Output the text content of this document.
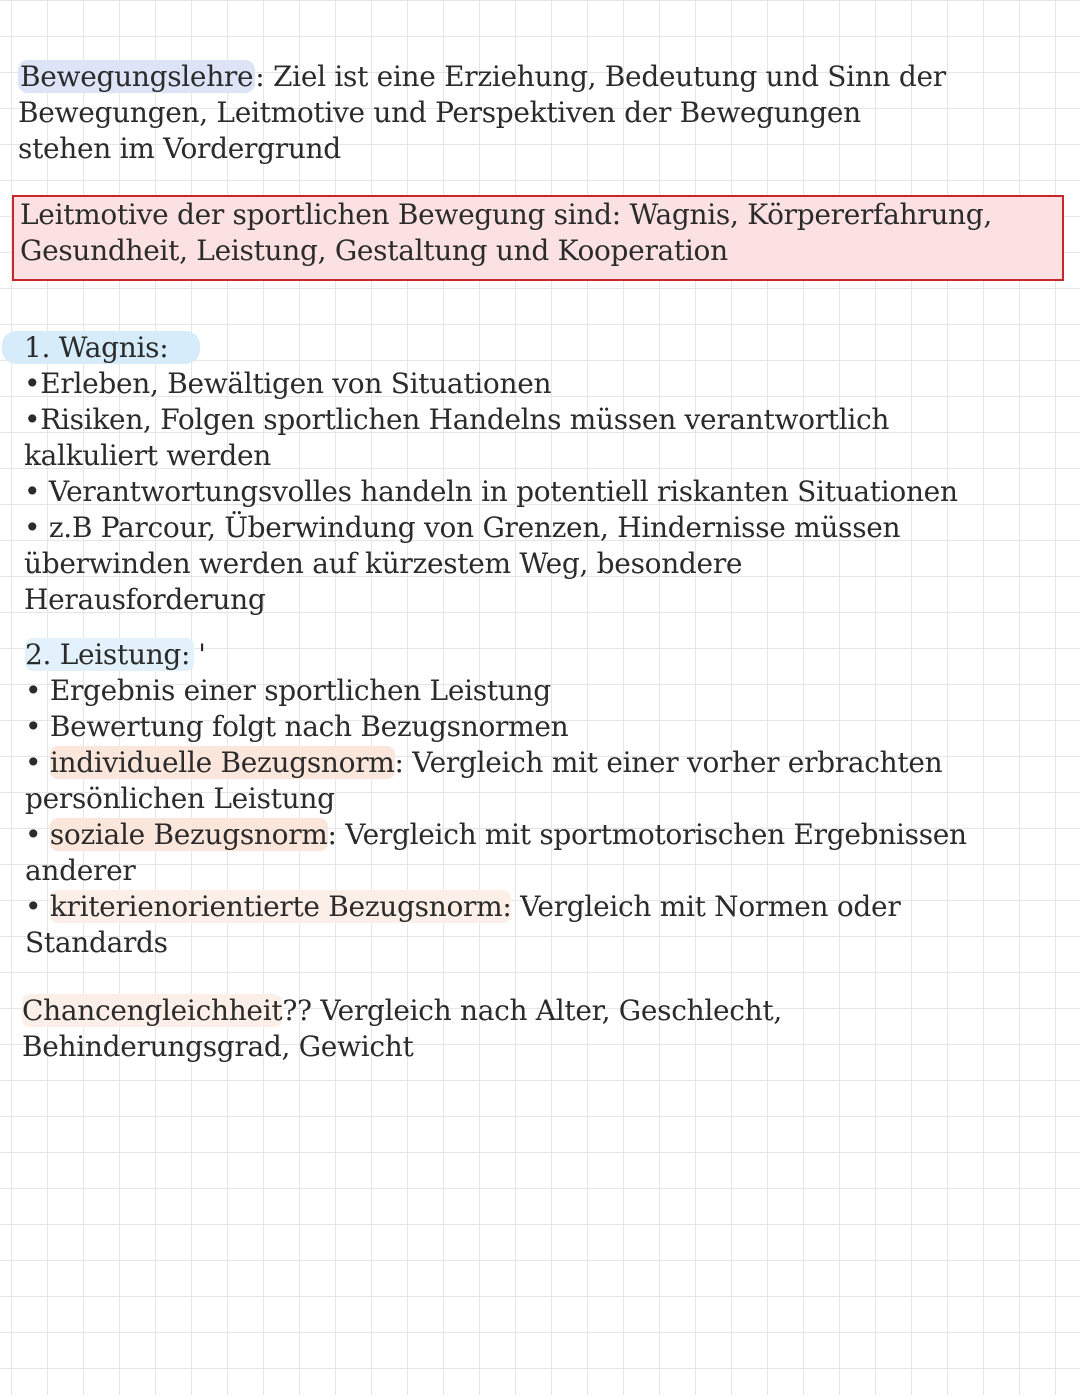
Bewegungslehre: Ziel ist eine Erziehung, Bedeutung und Sinn der
Bewegungen, Leitmotive und Perspektiven der Bewegungen
stehen im Vordergrund
Leitmotive der sportlichen Bewegung sind: Wagnis, Körpererfahrung,
Gesundheit, Leistung, Gestaltung und Kooperation
1. Wagnis:
•Erleben, Bewältigen von Situationen
•Risiken, Folgen sportlichen Handelns müssen verantwortlich
kalkuliert werden
• Verantwortungsvolles handeln in potentiell riskanten Situationen
• z.B Parcour, Überwindung von Grenzen, Hindernisse müssen
überwinden werden auf kürzestem Weg, besondere
Herausforderung
2. Leistung: '
• Ergebnis einer sportlichen Leistung
• Bewertung folgt nach Bezugsnormen
• individuelle Bezugsnorm: Vergleich mit einer vorher erbrachten
persönlichen Leistung
• soziale Bezugsnorm: Vergleich mit sportmotorischen Ergebnissen
anderer
• kriterienorientierte Bezugsnorm: Vergleich mit Normen oder
Standards
Chancengleichheit?? Vergleich nach Alter, Geschlecht,
Behinderungsgrad, Gewicht
